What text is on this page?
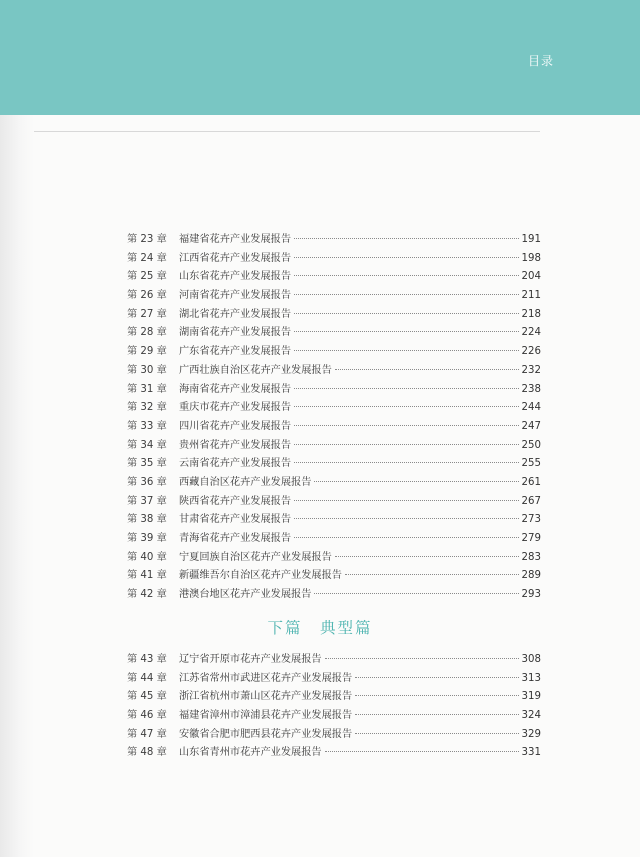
目录
第 23 章	福建省花卉产业发展报告	191
第 24 章	江西省花卉产业发展报告	198
第 25 章	山东省花卉产业发展报告	204
第 26 章	河南省花卉产业发展报告	211
第 27 章	湖北省花卉产业发展报告	218
第 28 章	湖南省花卉产业发展报告	224
第 29 章	广东省花卉产业发展报告	226
第 30 章	广西壮族自治区花卉产业发展报告	232
第 31 章	海南省花卉产业发展报告	238
第 32 章	重庆市花卉产业发展报告	244
第 33 章	四川省花卉产业发展报告	247
第 34 章	贵州省花卉产业发展报告	250
第 35 章	云南省花卉产业发展报告	255
第 36 章	西藏自治区花卉产业发展报告	261
第 37 章	陕西省花卉产业发展报告	267
第 38 章	甘肃省花卉产业发展报告	273
第 39 章	青海省花卉产业发展报告	279
第 40 章	宁夏回族自治区花卉产业发展报告	283
第 41 章	新疆维吾尔自治区花卉产业发展报告	289
第 42 章	港澳台地区花卉产业发展报告	293
下篇　典型篇
第 43 章	辽宁省开原市花卉产业发展报告	308
第 44 章	江苏省常州市武进区花卉产业发展报告	313
第 45 章	浙江省杭州市萧山区花卉产业发展报告	319
第 46 章	福建省漳州市漳浦县花卉产业发展报告	324
第 47 章	安徽省合肥市肥西县花卉产业发展报告	329
第 48 章	山东省青州市花卉产业发展报告	331
